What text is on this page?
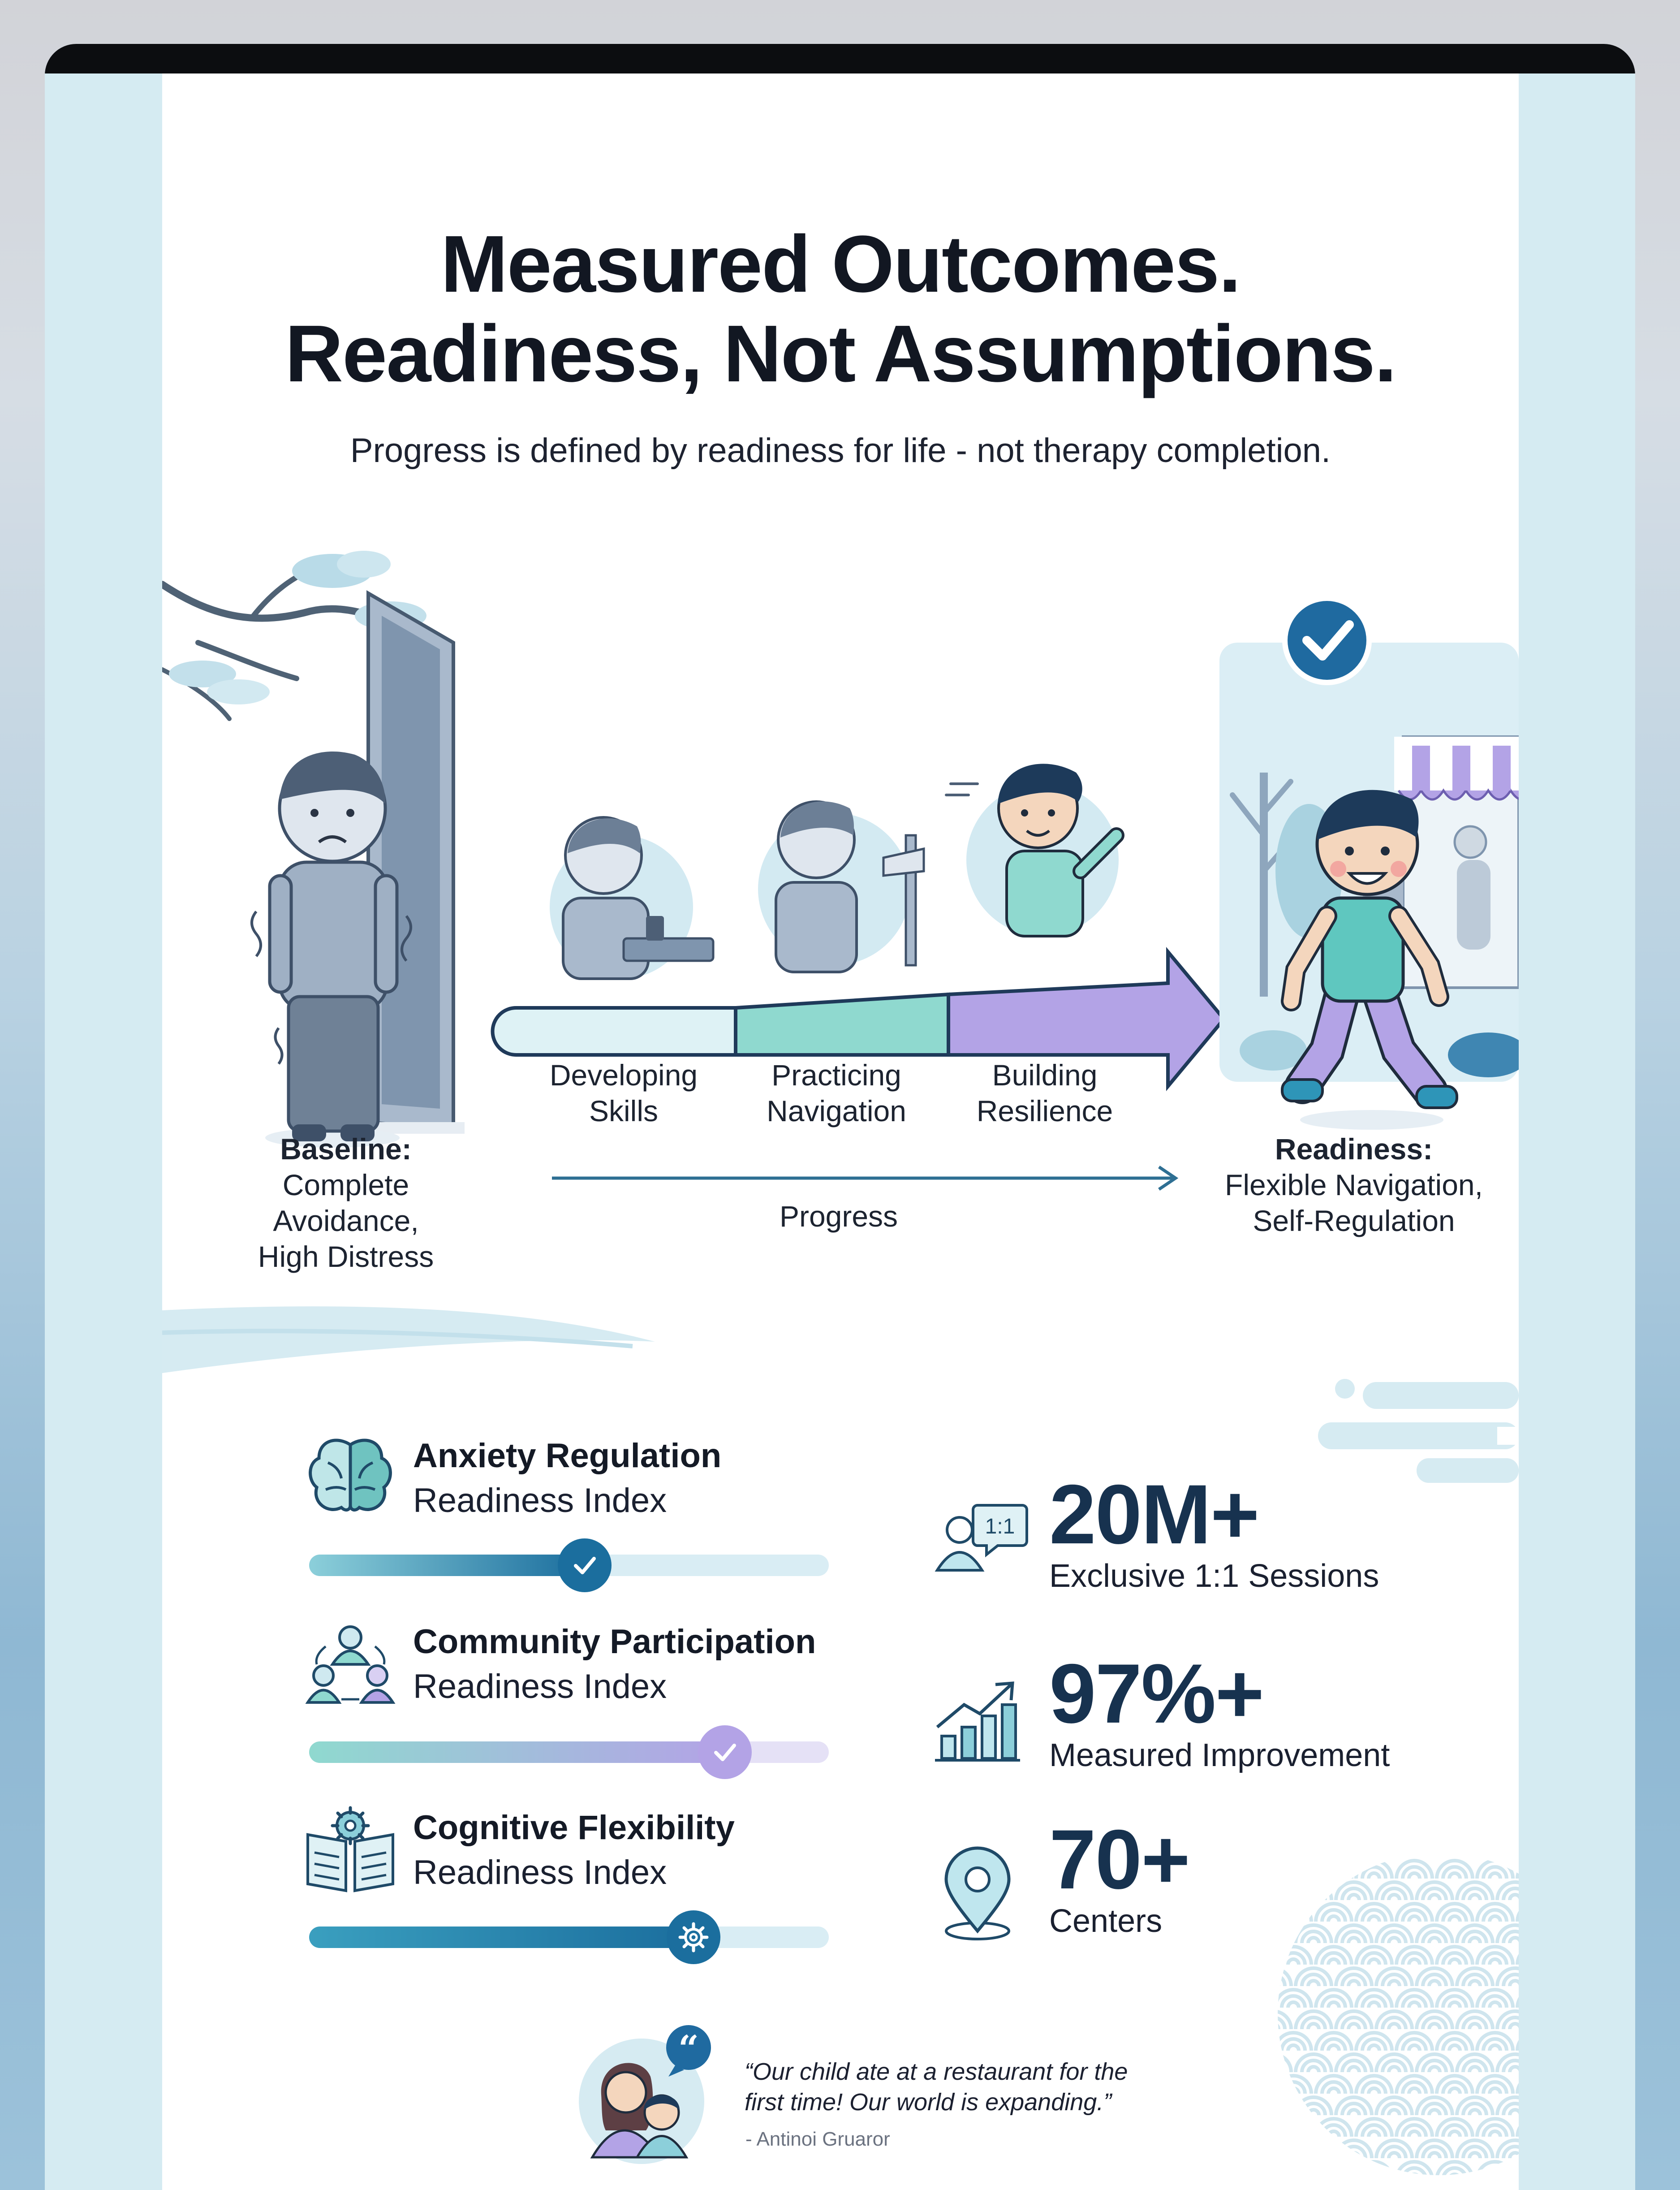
Measured Outcomes.
Readiness, Not Assumptions.
Progress is defined by readiness for life - not therapy completion.
Baseline:
Complete Avoidance,
High Distress
Developing
Skills
Practicing
Navigation
Building
Resilience
Progress
Readiness:
Flexible Navigation,
Self-Regulation
Anxiety Regulation
Readiness Index
Community Participation
Readiness Index
Cognitive Flexibility
Readiness Index
1:1 20M+
Exclusive 1:1 Sessions
97%+
Measured Improvement
70+
Centers
“
“Our child ate at a restaurant for the
first time! Our world is expanding.”
- Antinoi Gruaror
